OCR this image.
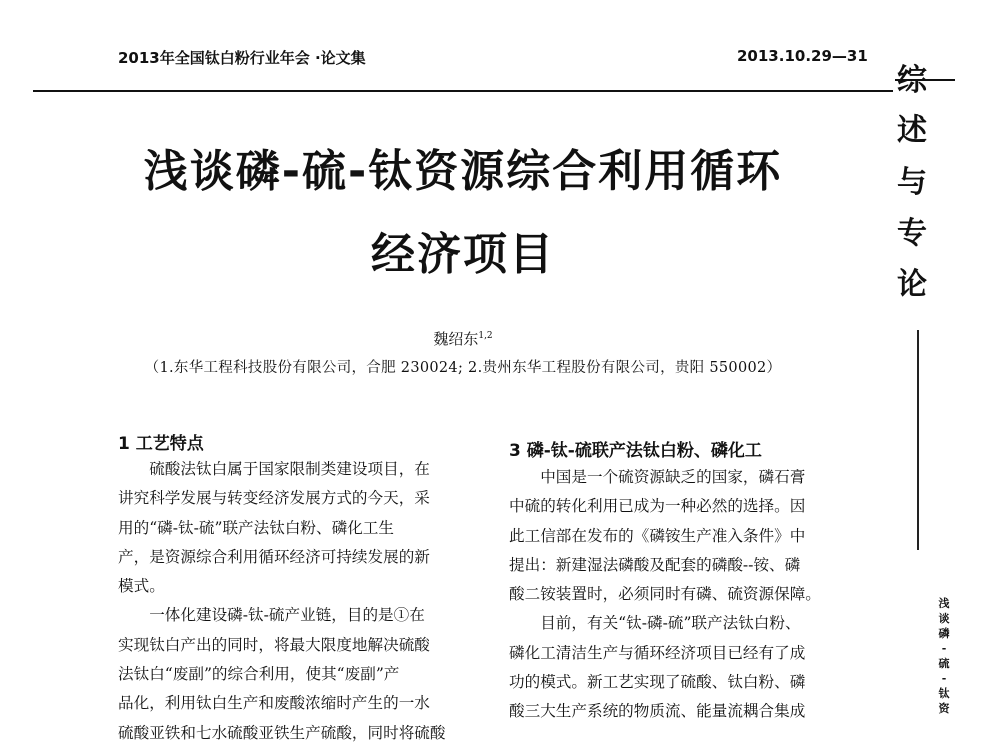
2013年全国钛白粉行业年会 ·论文集	2013.10.29—31
综
述
与
专
论
浅
谈
磷
-
硫
-
钛
资
浅谈磷-硫-钛资源综合利用循环
经济项目
魏绍东$^{1,2}$
（1.东华工程科技股份有限公司，合肥 230024; 2.贵州东华工程股份有限公司，贵阳 550002）
1 工艺特点

硫酸法钛白属于国家限制类建设项目，在

讲究科学发展与转变经济发展方式的今天，采

用的“磷-钛-硫”联产法钛白粉、磷化工生

产，是资源综合利用循环经济可持续发展的新

模式。

一体化建设磷-钛-硫产业链，目的是①在

实现钛白产出的同时，将最大限度地解决硫酸

法钛白“废副”的综合利用，使其“废副”产

品化，利用钛白生产和废酸浓缩时产生的一水

硫酸亚铁和七水硫酸亚铁生产硫酸，同时将硫酸

3 磷-钛-硫联产法钛白粉、磷化工

中国是一个硫资源缺乏的国家，磷石膏

中硫的转化利用已成为一种必然的选择。因

此工信部在发布的《磷铵生产准入条件》中

提出：新建湿法磷酸及配套的磷酸--铵、磷

酸二铵装置时，必须同时有磷、硫资源保障。

目前，有关“钛-磷-硫”联产法钛白粉、

磷化工清洁生产与循环经济项目已经有了成

功的模式。新工艺实现了硫酸、钛白粉、磷

酸三大生产系统的物质流、能量流耦合集成
